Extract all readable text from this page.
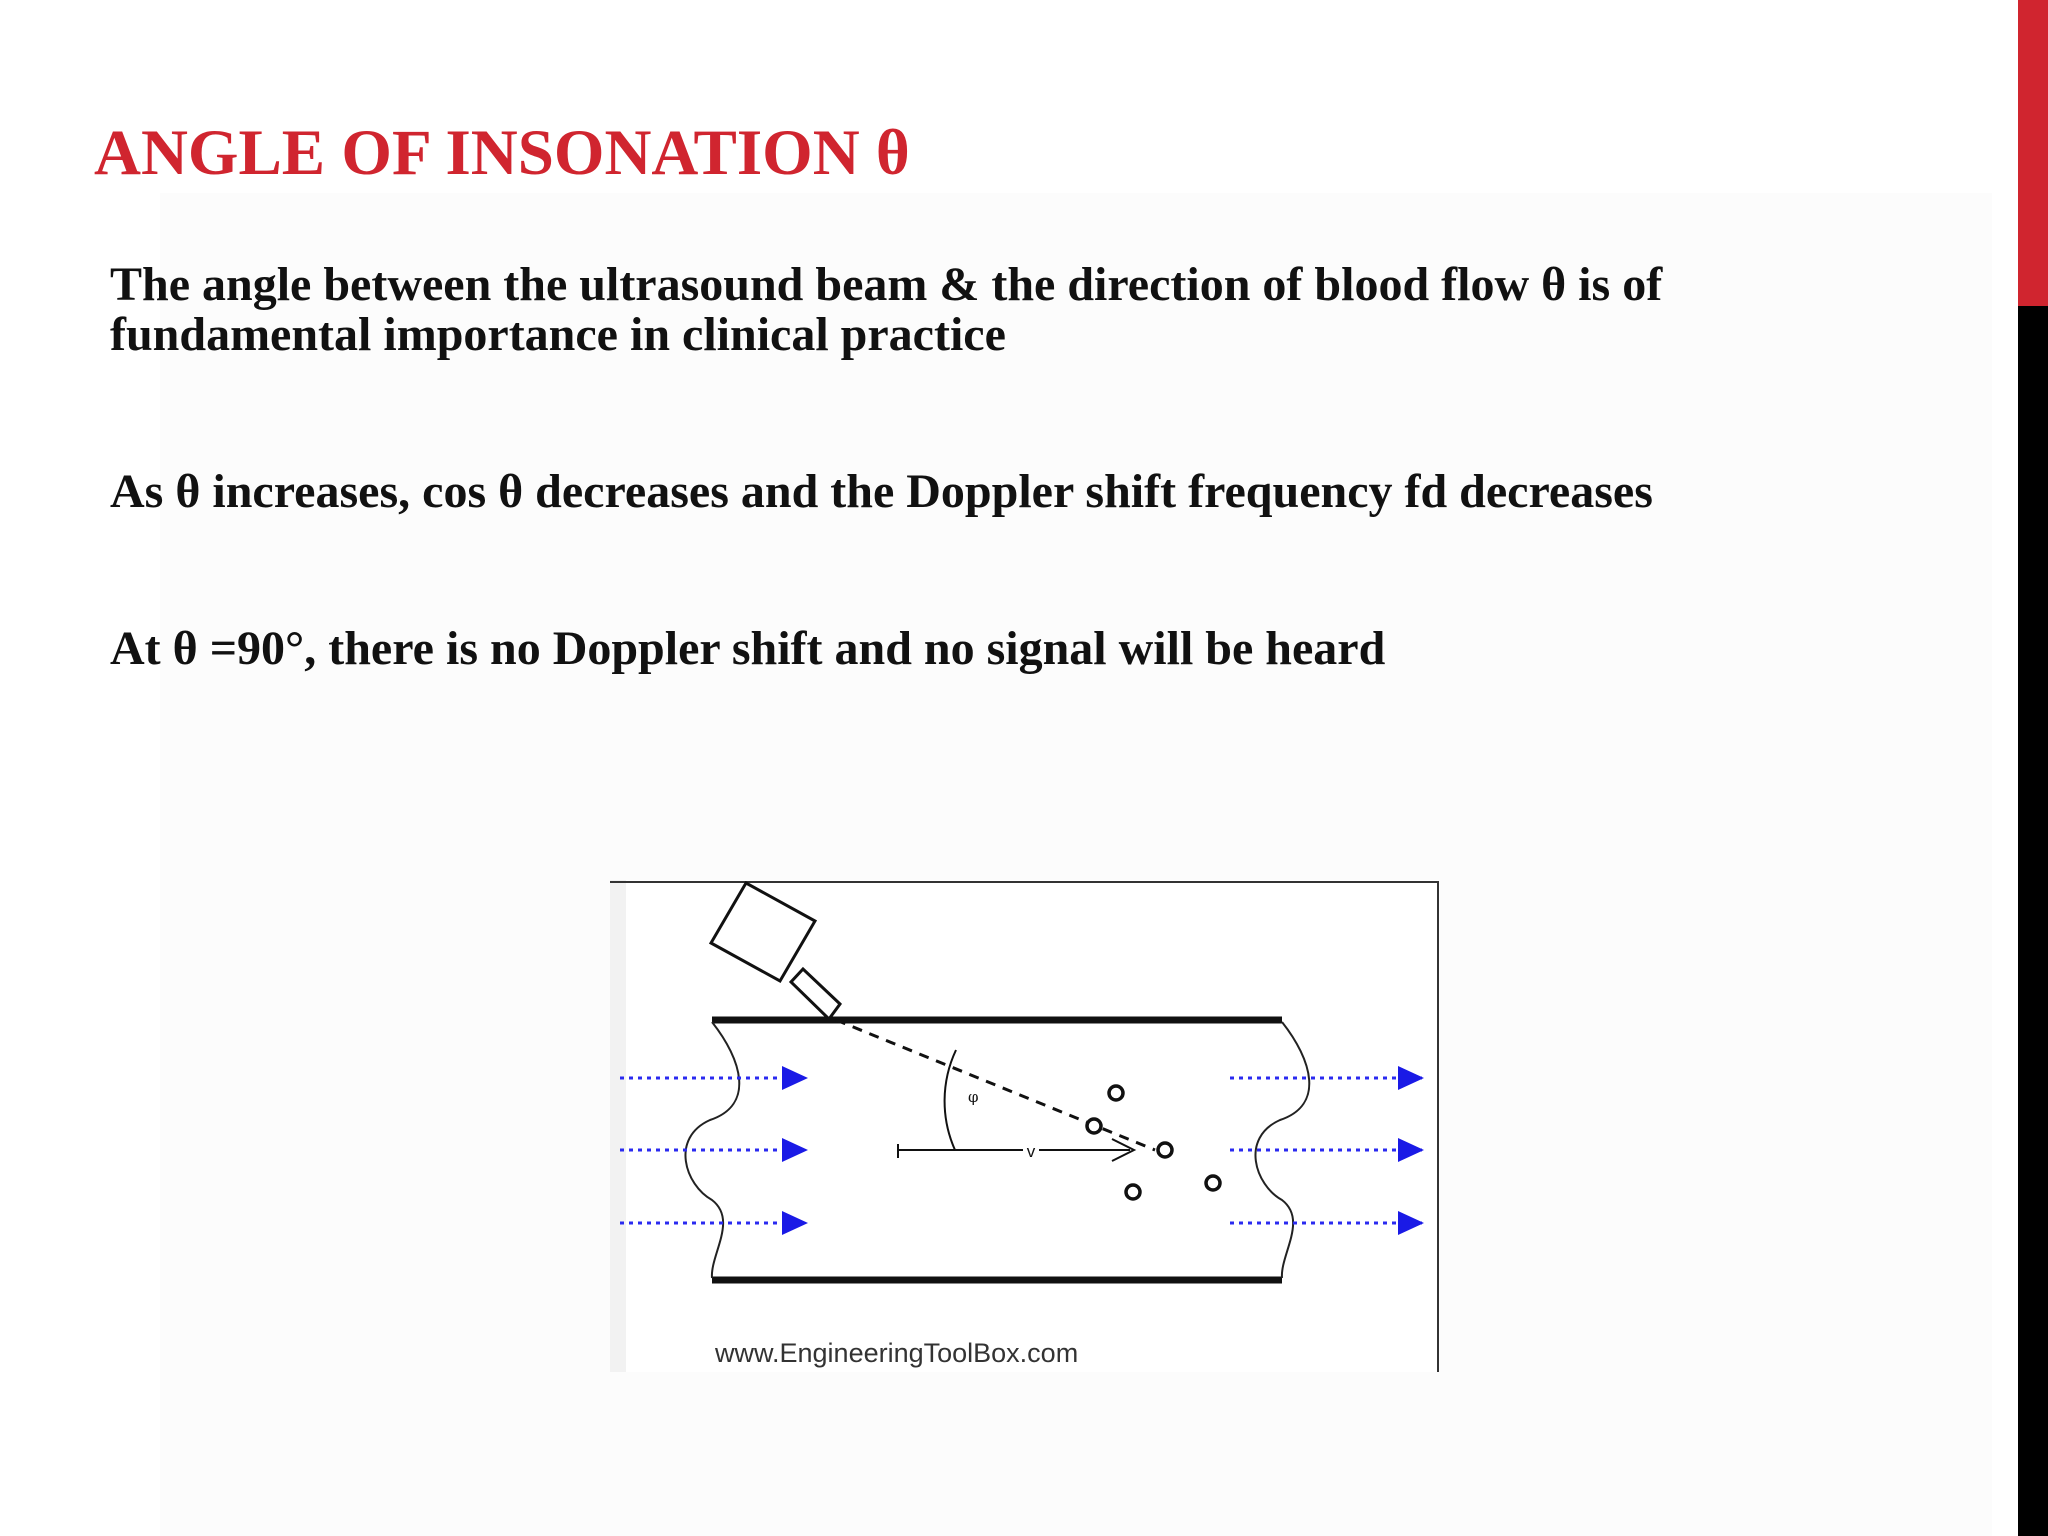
ANGLE OF INSONATION θ

The angle between the ultrasound beam & the direction of blood flow θ is of fundamental importance in clinical practice

As θ increases, cos θ decreases and the Doppler shift frequency fd decreases

At θ =90°, there is no Doppler shift and no signal will be heard

v
φ
www.EngineeringToolBox.com
